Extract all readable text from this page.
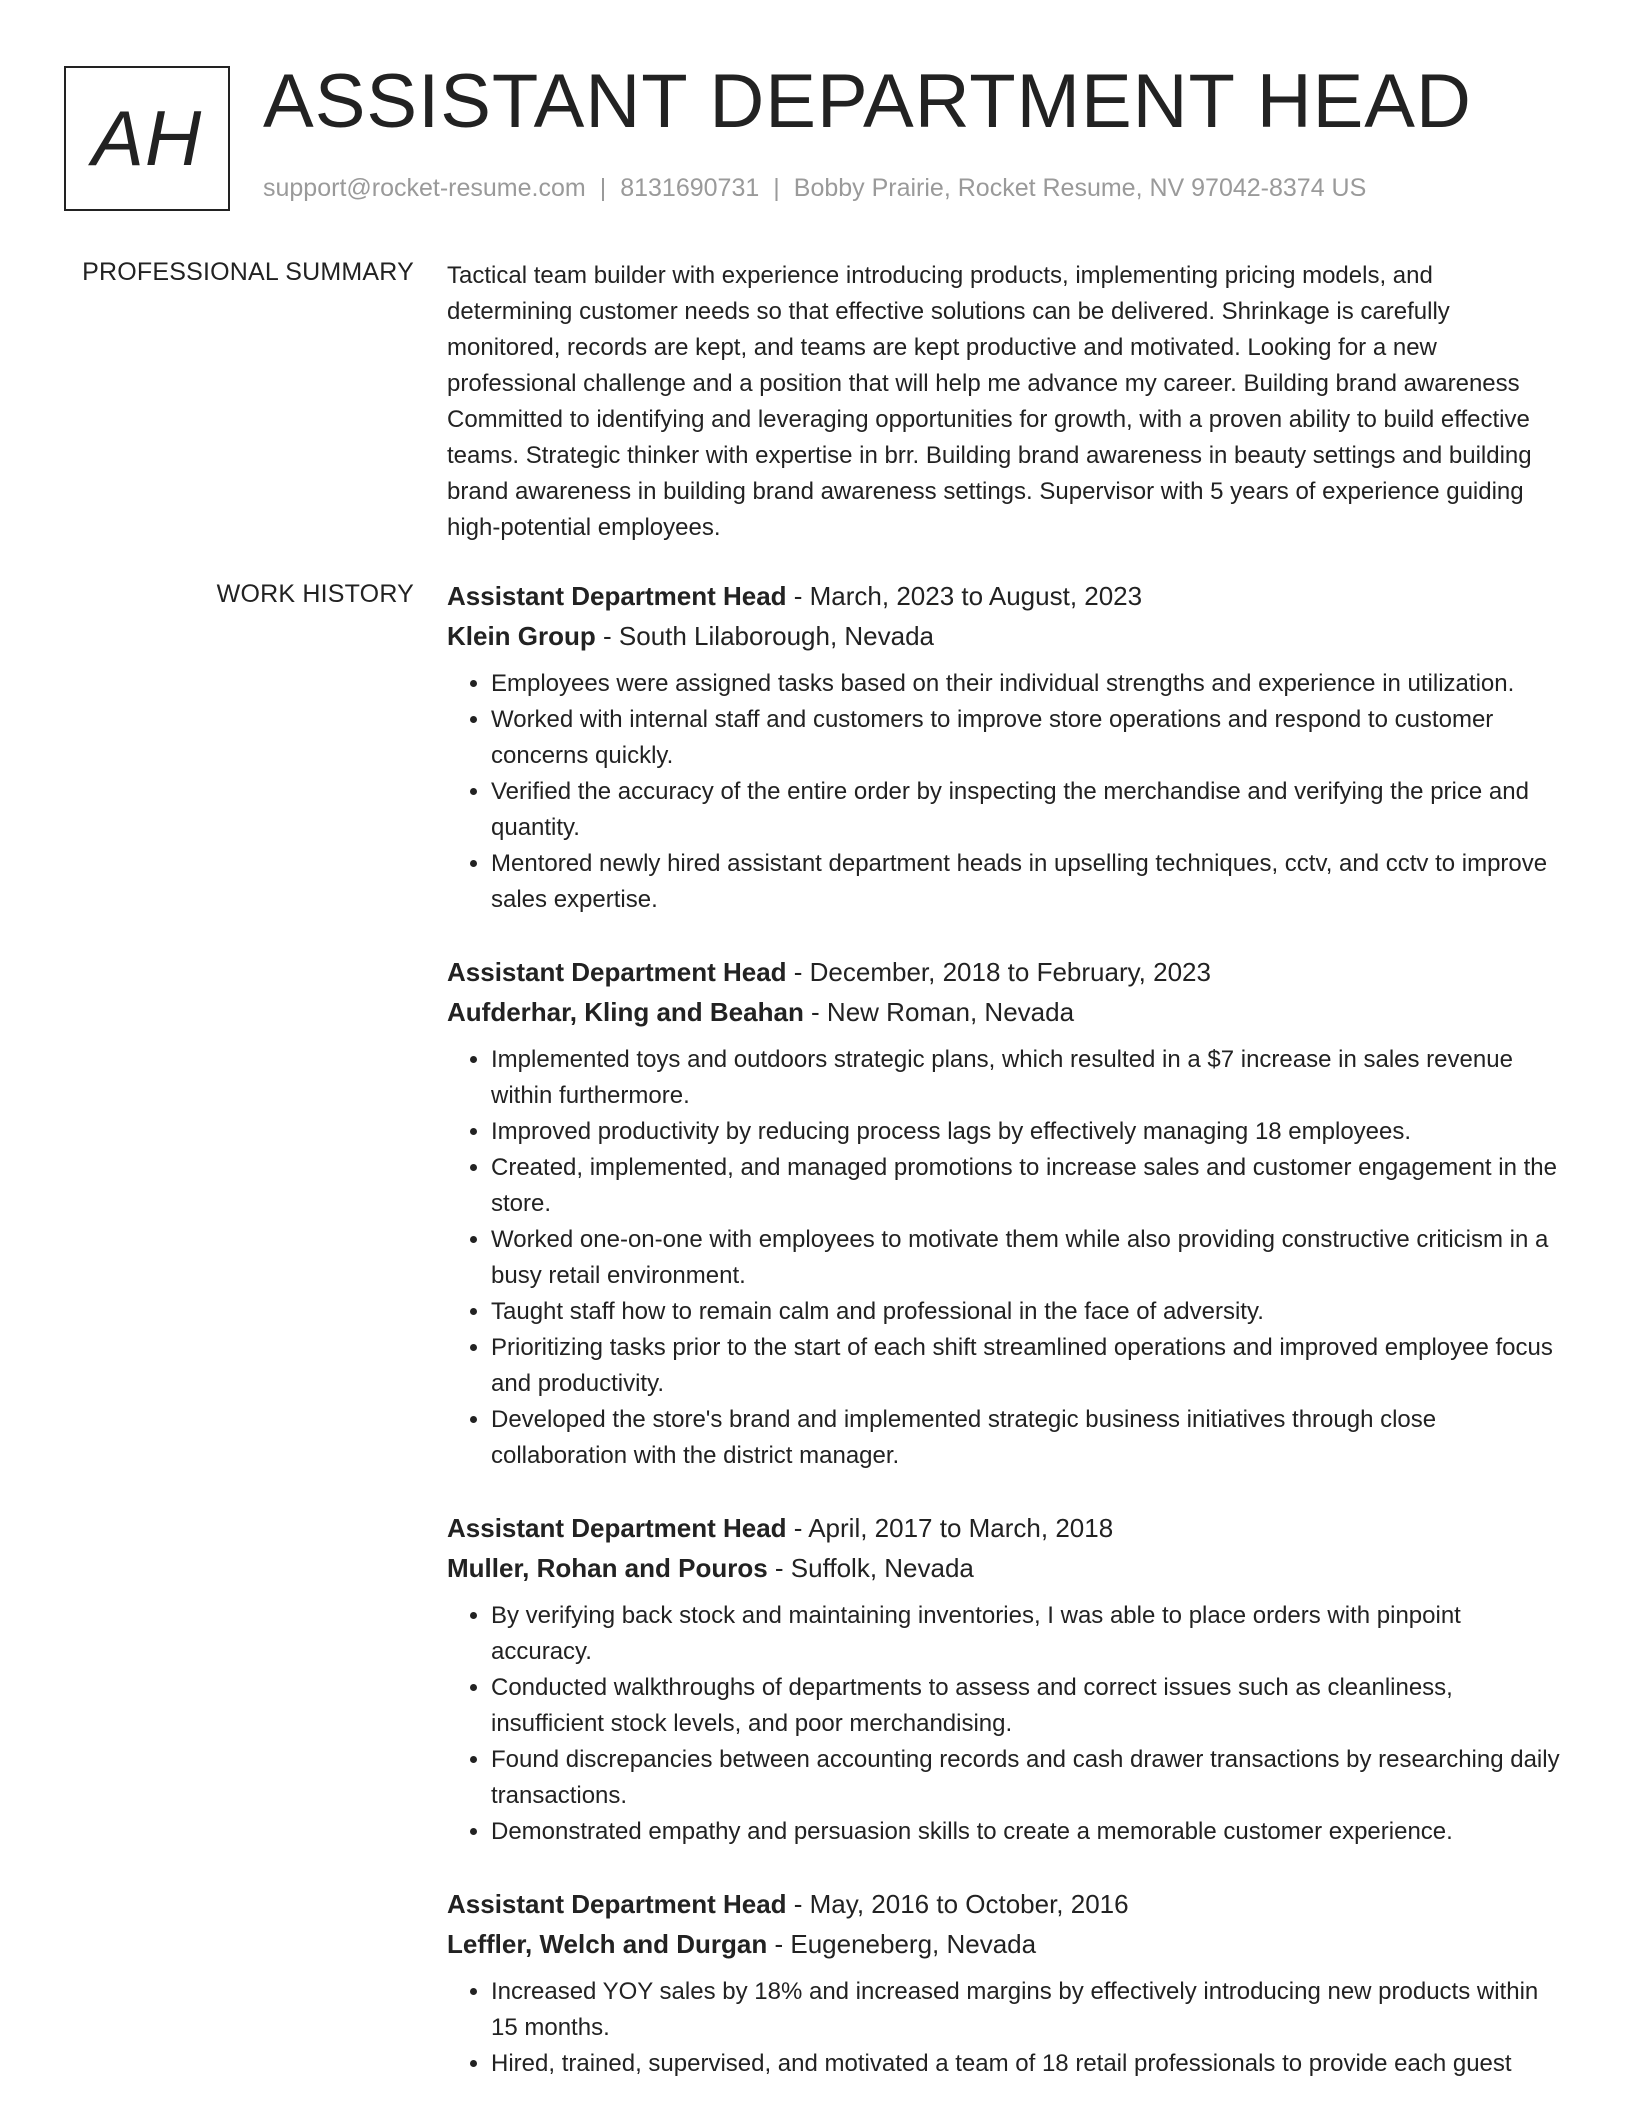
AH ASSISTANT DEPARTMENT HEAD
support@rocket-resume.com | 8131690731 | Bobby Prairie, Rocket Resume, NV 97042-8374 US
PROFESSIONAL SUMMARY Tactical team builder with experience introducing products, implementing pricing models, and determining customer needs so that effective solutions can be delivered. Shrinkage is carefully monitored, records are kept, and teams are kept productive and motivated. Looking for a new professional challenge and a position that will help me advance my career. Building brand awareness Committed to identifying and leveraging opportunities for growth, with a proven ability to build effective teams. Strategic thinker with expertise in brr. Building brand awareness in beauty settings and building brand awareness in building brand awareness settings. Supervisor with 5 years of experience guiding high-potential employees.

WORK HISTORY Assistant Department Head - March, 2023 to August, 2023

Klein Group - South Lilaborough, Nevada

• Employees were assigned tasks based on their individual strengths and experience in utilization.
• Worked with internal staff and customers to improve store operations and respond to customer concerns quickly.
• Verified the accuracy of the entire order by inspecting the merchandise and verifying the price and quantity.
• Mentored newly hired assistant department heads in upselling techniques, cctv, and cctv to improve sales expertise.

Assistant Department Head - December, 2018 to February, 2023

Aufderhar, Kling and Beahan - New Roman, Nevada

• Implemented toys and outdoors strategic plans, which resulted in a $7 increase in sales revenue within furthermore.
• Improved productivity by reducing process lags by effectively managing 18 employees.
• Created, implemented, and managed promotions to increase sales and customer engagement in the store.
• Worked one-on-one with employees to motivate them while also providing constructive criticism in a busy retail environment.
• Taught staff how to remain calm and professional in the face of adversity.
• Prioritizing tasks prior to the start of each shift streamlined operations and improved employee focus and productivity.
• Developed the store's brand and implemented strategic business initiatives through close collaboration with the district manager.

Assistant Department Head - April, 2017 to March, 2018

Muller, Rohan and Pouros - Suffolk, Nevada

• By verifying back stock and maintaining inventories, I was able to place orders with pinpoint accuracy.
• Conducted walkthroughs of departments to assess and correct issues such as cleanliness, insufficient stock levels, and poor merchandising.
• Found discrepancies between accounting records and cash drawer transactions by researching daily transactions.
• Demonstrated empathy and persuasion skills to create a memorable customer experience.

Assistant Department Head - May, 2016 to October, 2016

Leffler, Welch and Durgan - Eugeneberg, Nevada

• Increased YOY sales by 18% and increased margins by effectively introducing new products within 15 months.
• Hired, trained, supervised, and motivated a team of 18 retail professionals to provide each guest
